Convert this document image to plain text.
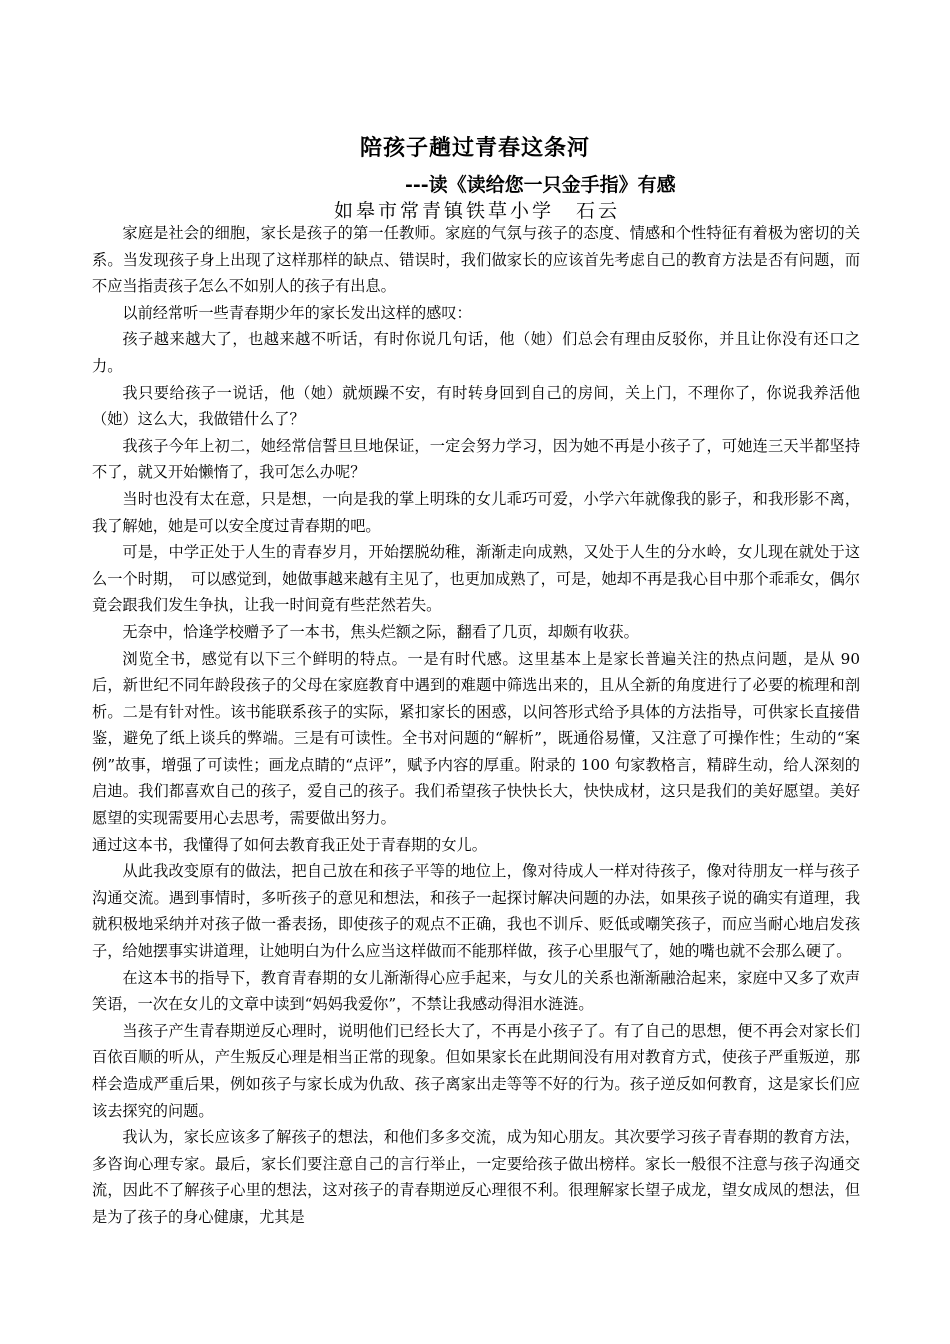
陪孩子趟过青春这条河
---读《读给您一只金手指》有感
如皋市常青镇铁草小学　石云

家庭是社会的细胞，家长是孩子的第一任教师。家庭的气氛与孩子的态度、情感和个性特征有着极为密切的关系。当发现孩子身上出现了这样那样的缺点、错误时，我们做家长的应该首先考虑自己的教育方法是否有问题，而不应当指责孩子怎么不如别人的孩子有出息。

以前经常听一些青春期少年的家长发出这样的感叹：

孩子越来越大了，也越来越不听话，有时你说几句话，他（她）们总会有理由反驳你，并且让你没有还口之力。

我只要给孩子一说话，他（她）就烦躁不安，有时转身回到自己的房间，关上门，不理你了，你说我养活他（她）这么大，我做错什么了？

我孩子今年上初二，她经常信誓旦旦地保证，一定会努力学习，因为她不再是小孩子了，可她连三天半都坚持不了，就又开始懒惰了，我可怎么办呢？

当时也没有太在意，只是想，一向是我的掌上明珠的女儿乖巧可爱，小学六年就像我的影子，和我形影不离，我了解她，她是可以安全度过青春期的吧。

可是，中学正处于人生的青春岁月，开始摆脱幼稚，渐渐走向成熟，又处于人生的分水岭，女儿现在就处于这么一个时期，　可以感觉到，她做事越来越有主见了，也更加成熟了，可是，她却不再是我心目中那个乖乖女，偶尔竟会跟我们发生争执，让我一时间竟有些茫然若失。

无奈中，恰逢学校赠予了一本书，焦头烂额之际，翻看了几页，却颇有收获。

浏览全书，感觉有以下三个鲜明的特点。一是有时代感。这里基本上是家长普遍关注的热点问题，是从 90 后，新世纪不同年龄段孩子的父母在家庭教育中遇到的难题中筛选出来的，且从全新的角度进行了必要的梳理和剖析。二是有针对性。该书能联系孩子的实际，紧扣家长的困惑，以问答形式给予具体的方法指导，可供家长直接借鉴，避免了纸上谈兵的弊端。三是有可读性。全书对问题的“解析”，既通俗易懂，又注意了可操作性；生动的“案例”故事，增强了可读性；画龙点睛的“点评”，赋予内容的厚重。附录的 100 句家教格言，精辟生动，给人深刻的启迪。我们都喜欢自己的孩子，爱自己的孩子。我们希望孩子快快长大，快快成材，这只是我们的美好愿望。美好愿望的实现需要用心去思考，需要做出努力。

通过这本书，我懂得了如何去教育我正处于青春期的女儿。

从此我改变原有的做法，把自己放在和孩子平等的地位上，像对待成人一样对待孩子，像对待朋友一样与孩子沟通交流。遇到事情时，多听孩子的意见和想法，和孩子一起探讨解决问题的办法，如果孩子说的确实有道理，我就积极地采纳并对孩子做一番表扬，即使孩子的观点不正确，我也不训斥、贬低或嘲笑孩子，而应当耐心地启发孩子，给她摆事实讲道理，让她明白为什么应当这样做而不能那样做，孩子心里服气了，她的嘴也就不会那么硬了。

在这本书的指导下，教育青春期的女儿渐渐得心应手起来，与女儿的关系也渐渐融洽起来，家庭中又多了欢声笑语，一次在女儿的文章中读到“妈妈我爱你”，不禁让我感动得泪水涟涟。

当孩子产生青春期逆反心理时，说明他们已经长大了，不再是小孩子了。有了自己的思想，便不再会对家长们百依百顺的听从，产生叛反心理是相当正常的现象。但如果家长在此期间没有用对教育方式，使孩子严重叛逆，那样会造成严重后果，例如孩子与家长成为仇敌、孩子离家出走等等不好的行为。孩子逆反如何教育，这是家长们应该去探究的问题。

我认为，家长应该多了解孩子的想法，和他们多多交流，成为知心朋友。其次要学习孩子青春期的教育方法，多咨询心理专家。最后，家长们要注意自己的言行举止，一定要给孩子做出榜样。家长一般很不注意与孩子沟通交流，因此不了解孩子心里的想法，这对孩子的青春期逆反心理很不利。很理解家长望子成龙，望女成凤的想法，但是为了孩子的身心健康，尤其是
